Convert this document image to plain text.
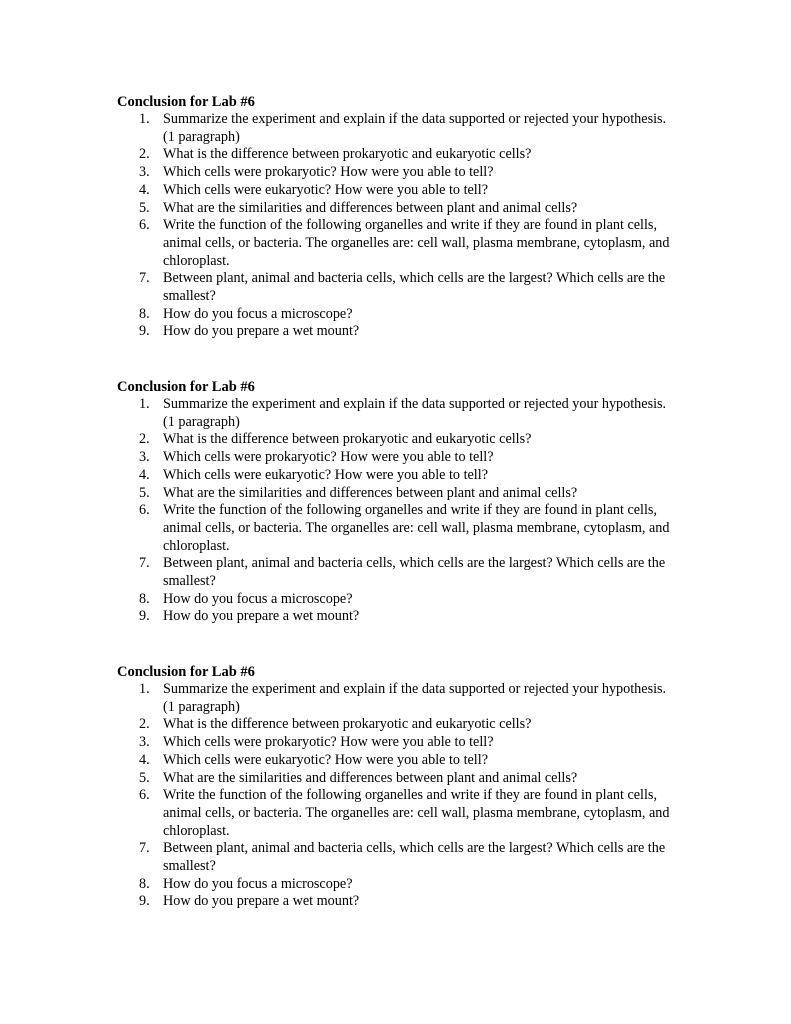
Conclusion for Lab #6

1. Summarize the experiment and explain if the data supported or rejected your hypothesis. (1 paragraph)
2. What is the difference between prokaryotic and eukaryotic cells?
3. Which cells were prokaryotic? How were you able to tell?
4. Which cells were eukaryotic? How were you able to tell?
5. What are the similarities and differences between plant and animal cells?
6. Write the function of the following organelles and write if they are found in plant cells, animal cells, or bacteria. The organelles are: cell wall, plasma membrane, cytoplasm, and chloroplast.
7. Between plant, animal and bacteria cells, which cells are the largest? Which cells are the smallest?
8. How do you focus a microscope?
9. How do you prepare a wet mount?

Conclusion for Lab #6

1. Summarize the experiment and explain if the data supported or rejected your hypothesis. (1 paragraph)
2. What is the difference between prokaryotic and eukaryotic cells?
3. Which cells were prokaryotic? How were you able to tell?
4. Which cells were eukaryotic? How were you able to tell?
5. What are the similarities and differences between plant and animal cells?
6. Write the function of the following organelles and write if they are found in plant cells, animal cells, or bacteria. The organelles are: cell wall, plasma membrane, cytoplasm, and chloroplast.
7. Between plant, animal and bacteria cells, which cells are the largest? Which cells are the smallest?
8. How do you focus a microscope?
9. How do you prepare a wet mount?

Conclusion for Lab #6

1. Summarize the experiment and explain if the data supported or rejected your hypothesis. (1 paragraph)
2. What is the difference between prokaryotic and eukaryotic cells?
3. Which cells were prokaryotic? How were you able to tell?
4. Which cells were eukaryotic? How were you able to tell?
5. What are the similarities and differences between plant and animal cells?
6. Write the function of the following organelles and write if they are found in plant cells, animal cells, or bacteria. The organelles are: cell wall, plasma membrane, cytoplasm, and chloroplast.
7. Between plant, animal and bacteria cells, which cells are the largest? Which cells are the smallest?
8. How do you focus a microscope?
9. How do you prepare a wet mount?
